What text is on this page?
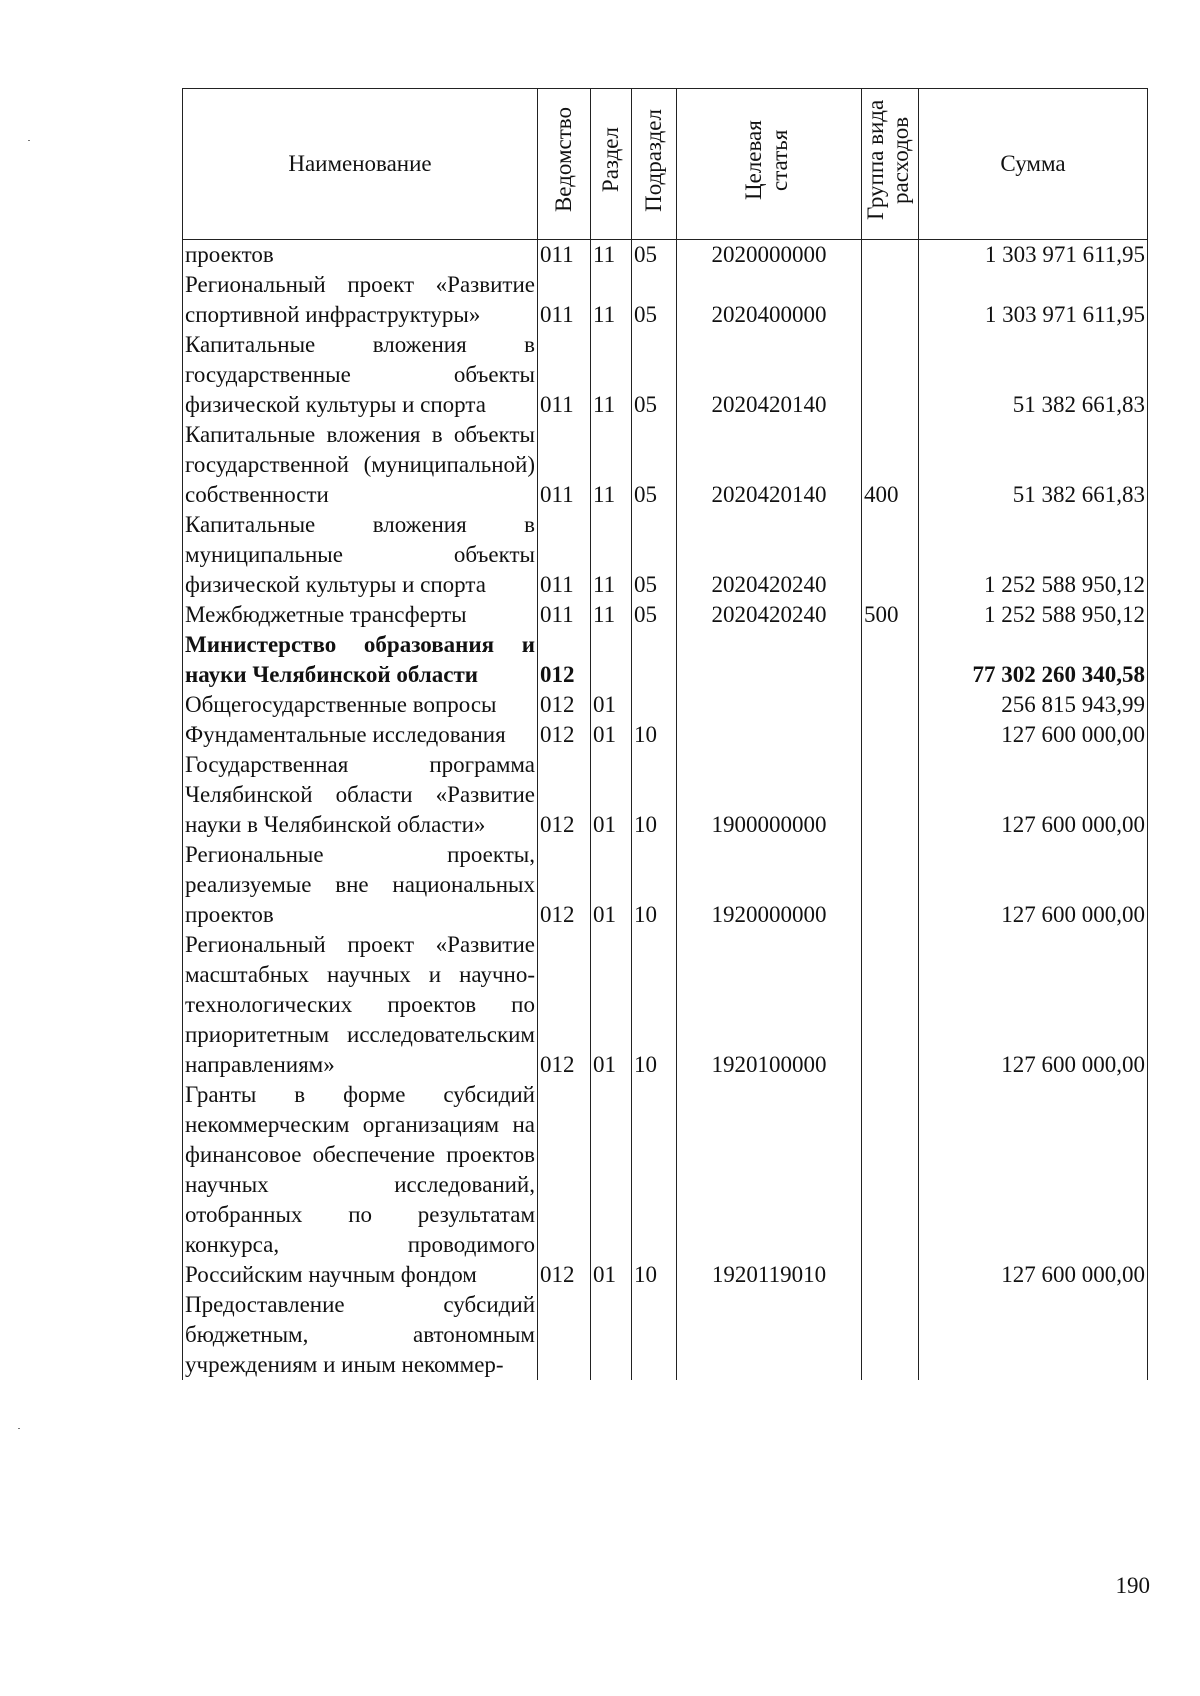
Наименование	Ведомство	Раздел	Подраздел	Целевая статья	Группа вида расходов	Сумма
проектов	011	11	05	2020000000		1 303 971 611,95
Региональный проект «Развитие спортивной инфраструктуры»	011	11	05	2020400000		1 303 971 611,95
Капитальные вложения в государственные объекты физической культуры и спорта	011	11	05	2020420140		51 382 661,83
Капитальные вложения в объекты государственной (муниципальной) собственности	011	11	05	2020420140	400	51 382 661,83
Капитальные вложения в муниципальные объекты физической культуры и спорта	011	11	05	2020420240		1 252 588 950,12
Межбюджетные трансферты	011	11	05	2020420240	500	1 252 588 950,12
Министерство образования и науки Челябинской области	012					77 302 260 340,58
Общегосударственные вопросы	012	01				256 815 943,99
Фундаментальные исследования	012	01	10			127 600 000,00
Государственная программа Челябинской области «Развитие науки в Челябинской области»	012	01	10	1900000000		127 600 000,00
Региональные проекты, реализуемые вне национальных проектов	012	01	10	1920000000		127 600 000,00
Региональный проект «Развитие масштабных научных и научно-технологических проектов по приоритетным исследовательским направлениям»	012	01	10	1920100000		127 600 000,00
Гранты в форме субсидий некоммерческим организациям на финансовое обеспечение проектов научных исследований, отобранных по результатам конкурса, проводимого Российским научным фондом	012	01	10	1920119010		127 600 000,00
Предоставление субсидий бюджетным, автономным учреждениям и иным некоммер-						
190
